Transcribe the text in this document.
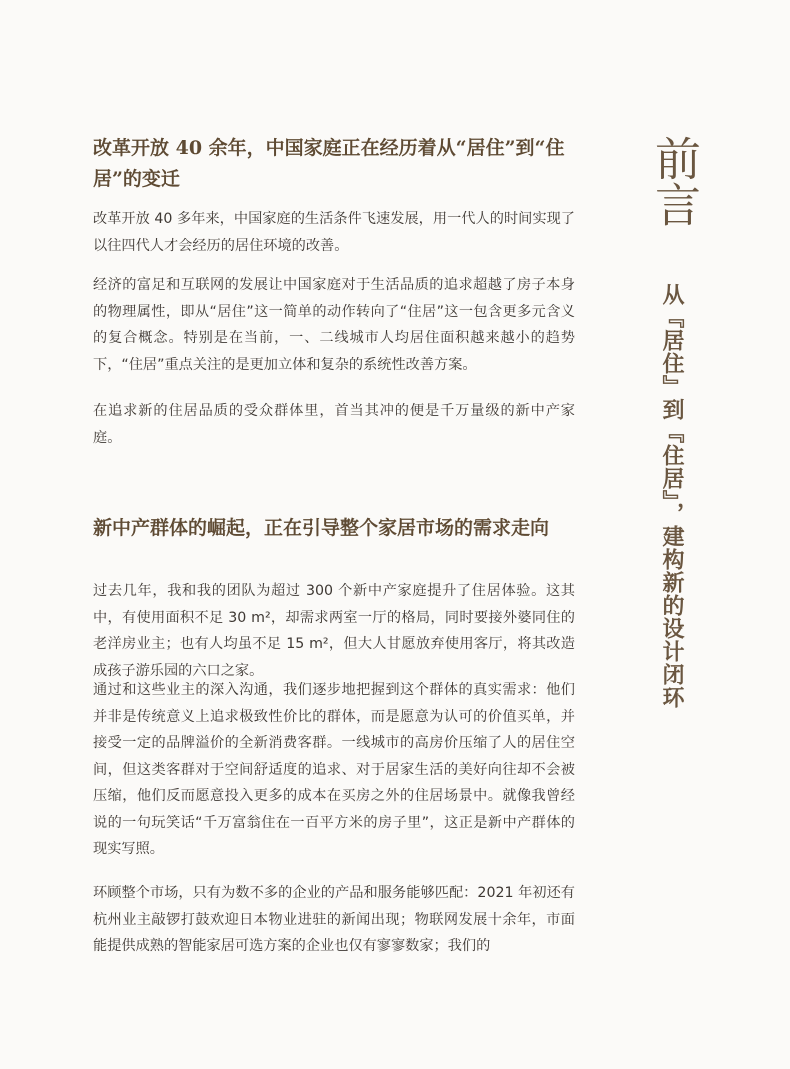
改革开放 40 余年，中国家庭正在经历着从“居住”到“住居”的变迁

改革开放 40 多年来，中国家庭的生活条件飞速发展，用一代人的时间实现了以往四代人才会经历的居住环境的改善。

经济的富足和互联网的发展让中国家庭对于生活品质的追求超越了房子本身的物理属性，即从“居住”这一简单的动作转向了“住居”这一包含更多元含义的复合概念。特别是在当前，一、二线城市人均居住面积越来越小的趋势下，“住居”重点关注的是更加立体和复杂的系统性改善方案。

在追求新的住居品质的受众群体里，首当其冲的便是千万量级的新中产家庭。

新中产群体的崛起，正在引导整个家居市场的需求走向

过去几年，我和我的团队为超过 300 个新中产家庭提升了住居体验。这其中，有使用面积不足 30 m²，却需求两室一厅的格局，同时要接外婆同住的老洋房业主；也有人均虽不足 15 m²，但大人甘愿放弃使用客厅，将其改造成孩子游乐园的六口之家。

通过和这些业主的深入沟通，我们逐步地把握到这个群体的真实需求：他们并非是传统意义上追求极致性价比的群体，而是愿意为认可的价值买单，并接受一定的品牌溢价的全新消费客群。一线城市的高房价压缩了人的居住空间，但这类客群对于空间舒适度的追求、对于居家生活的美好向往却不会被压缩，他们反而愿意投入更多的成本在买房之外的住居场景中。就像我曾经说的一句玩笑话“千万富翁住在一百平方米的房子里”，这正是新中产群体的现实写照。

环顾整个市场，只有为数不多的企业的产品和服务能够匹配：2021 年初还有杭州业主敲锣打鼓欢迎日本物业进驻的新闻出现；物联网发展十余年，市面能提供成熟的智能家居可选方案的企业也仅有寥寥数家；我们的

前言
从『居住』到『住居』，建构新的设计闭环
